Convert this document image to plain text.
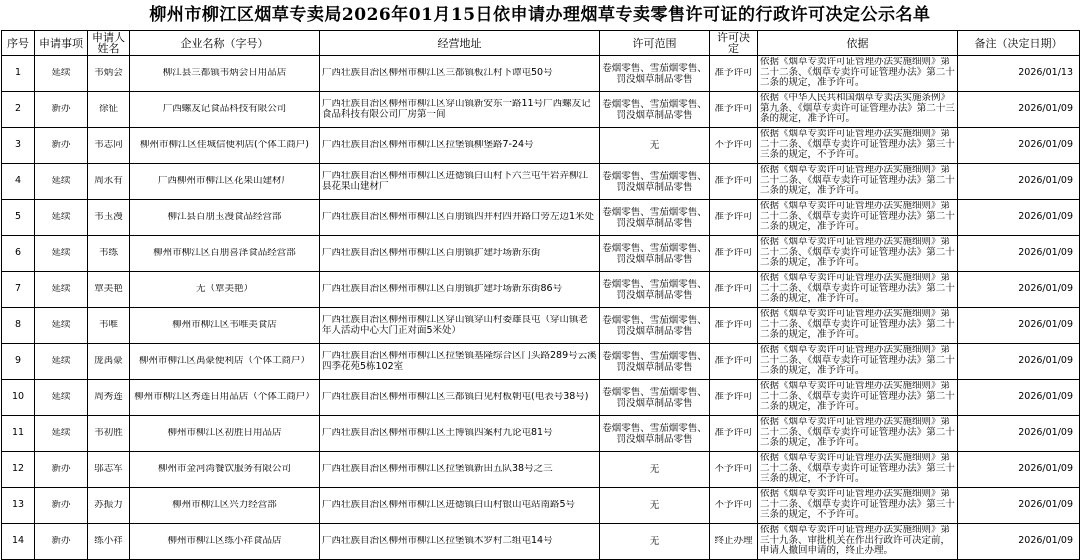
柳州市柳江区烟草专卖局2026年01月15日依申请办理烟草专卖零售许可证的行政许可决定公示名单
序号	申请事项	申请人姓名	企业名称（字号）	经营地址	许可范围	许可决定	依据	备注（决定日期）

1	延续	韦炳会	柳江县三都镇韦炳会日用品店	广西壮族自治区柳州市柳江区三都镇板江村下谭屯50号	卷烟零售、雪茄烟零售、罚没烟草制品零售	准予许可	依据《烟草专卖许可证管理办法实施细则》第二十二条、《烟草专卖许可证管理办法》第二十二条的规定，准予许可。	2026/01/13

2	新办	徐征	广西螺友记食品科技有限公司	广西壮族自治区柳州市柳江区穿山镇新安东一路11号广西螺友记食品科技有限公司厂房第一间	卷烟零售、雪茄烟零售、罚没烟草制品零售	准予许可	依据《中华人民共和国烟草专卖法实施条例》第九条、《烟草专卖许可证管理办法》第二十三条的规定，准予许可。	2026/01/09

3	新办	韦志同	柳州市柳江区佳城信便利店(个体工商户)	广西壮族自治区柳州市柳江区拉堡镇柳堡路7-24号	无	不予许可	依据《烟草专卖许可证管理办法实施细则》第二十二条、《烟草专卖许可证管理办法》第三十三条的规定，不予许可。	2026/01/09

4	延续	周永有	广西柳州市柳江区花果山建材厂	广西壮族自治区柳州市柳江区进德镇白山村下六兰屯牛岩弄柳江县花果山建材厂	卷烟零售、雪茄烟零售、罚没烟草制品零售	准予许可	依据《烟草专卖许可证管理办法实施细则》第二十二条、《烟草专卖许可证管理办法》第二十二条的规定，准予许可。	2026/01/09

5	延续	韦玉漫	柳江县百朋玉漫食品经营部	广西壮族自治区柳州市柳江区百朋镇四井村四井路口旁左边1米处	卷烟零售、雪茄烟零售、罚没烟草制品零售	准予许可	依据《烟草专卖许可证管理办法实施细则》第二十二条、《烟草专卖许可证管理办法》第二十二条的规定，准予许可。	2026/01/09

6	延续	韦练	柳州市柳江区百朋喜泽食品经营部	广西壮族自治区柳州市柳江区百朋镇扩建圩场新东街	卷烟零售、雪茄烟零售、罚没烟草制品零售	准予许可	依据《烟草专卖许可证管理办法实施细则》第二十二条、《烟草专卖许可证管理办法》第二十二条的规定，准予许可。	2026/01/09

7	延续	覃美艳	无（覃美艳）	广西壮族自治区柳州市柳江区百朋镇扩建圩场新东街86号	卷烟零售、雪茄烟零售、罚没烟草制品零售	准予许可	依据《烟草专卖许可证管理办法实施细则》第二十二条、《烟草专卖许可证管理办法》第二十二条的规定，准予许可。	2026/01/09

8	延续	韦唯	柳州市柳江区韦唯美食店	广西壮族自治区柳州市柳江区穿山镇穿山村委雄良屯（穿山镇老年人活动中心大门正对面5米处）	卷烟零售、雪茄烟零售、罚没烟草制品零售	准予许可	依据《烟草专卖许可证管理办法实施细则》第二十二条、《烟草专卖许可证管理办法》第二十二条的规定，准予许可。	2026/01/09

9	延续	庞禹豪	柳州市柳江区禹豪便利店（个体工商户）	广西壮族自治区柳州市柳江区拉堡镇基隆综合区门头路289号云溪四季花苑5栋102室	卷烟零售、雪茄烟零售、罚没烟草制品零售	准予许可	依据《烟草专卖许可证管理办法实施细则》第二十二条、《烟草专卖许可证管理办法》第二十二条的规定，准予许可。	2026/01/09

10	延续	周秀莲	柳州市柳江区秀莲日用品店（个体工商户）	广西壮族自治区柳州市柳江区三都镇白见村板朝屯(电表号38号)	卷烟零售、雪茄烟零售、罚没烟草制品零售	准予许可	依据《烟草专卖许可证管理办法实施细则》第二十二条、《烟草专卖许可证管理办法》第二十二条的规定，准予许可。	2026/01/09

11	延续	韦初胜	柳州市柳江区初胜日用品店	广西壮族自治区柳州市柳江区土博镇四案村九论屯81号	卷烟零售、雪茄烟零售、罚没烟草制品零售	准予许可	依据《烟草专卖许可证管理办法实施细则》第二十二条、《烟草专卖许可证管理办法》第二十二条的规定，准予许可。	2026/01/09

12	新办	邬志军	柳州市金河湾餐饮服务有限公司	广西壮族自治区柳州市柳江区拉堡镇新田五队38号之三	无	不予许可	依据《烟草专卖许可证管理办法实施细则》第二十二条、《烟草专卖许可证管理办法》第三十三条的规定，不予许可。	2026/01/09

13	新办	苏振力	柳州市柳江区兴力经营部	广西壮族自治区柳州市柳江区进德镇白山村银山屯站南路5号	无	不予许可	依据《烟草专卖许可证管理办法实施细则》第二十二条、《烟草专卖许可证管理办法》第三十三条的规定，不予许可。	2026/01/09

14	新办	练小祥	柳州市柳江区练小祥食品店	广西壮族自治区柳州市柳江区拉堡镇木罗村二组屯14号	无	终止办理	依据《烟草专卖许可证管理办法实施细则》第三十九条、审批机关在作出行政许可决定前，申请人撤回申请的，终止办理。	2026/01/09
